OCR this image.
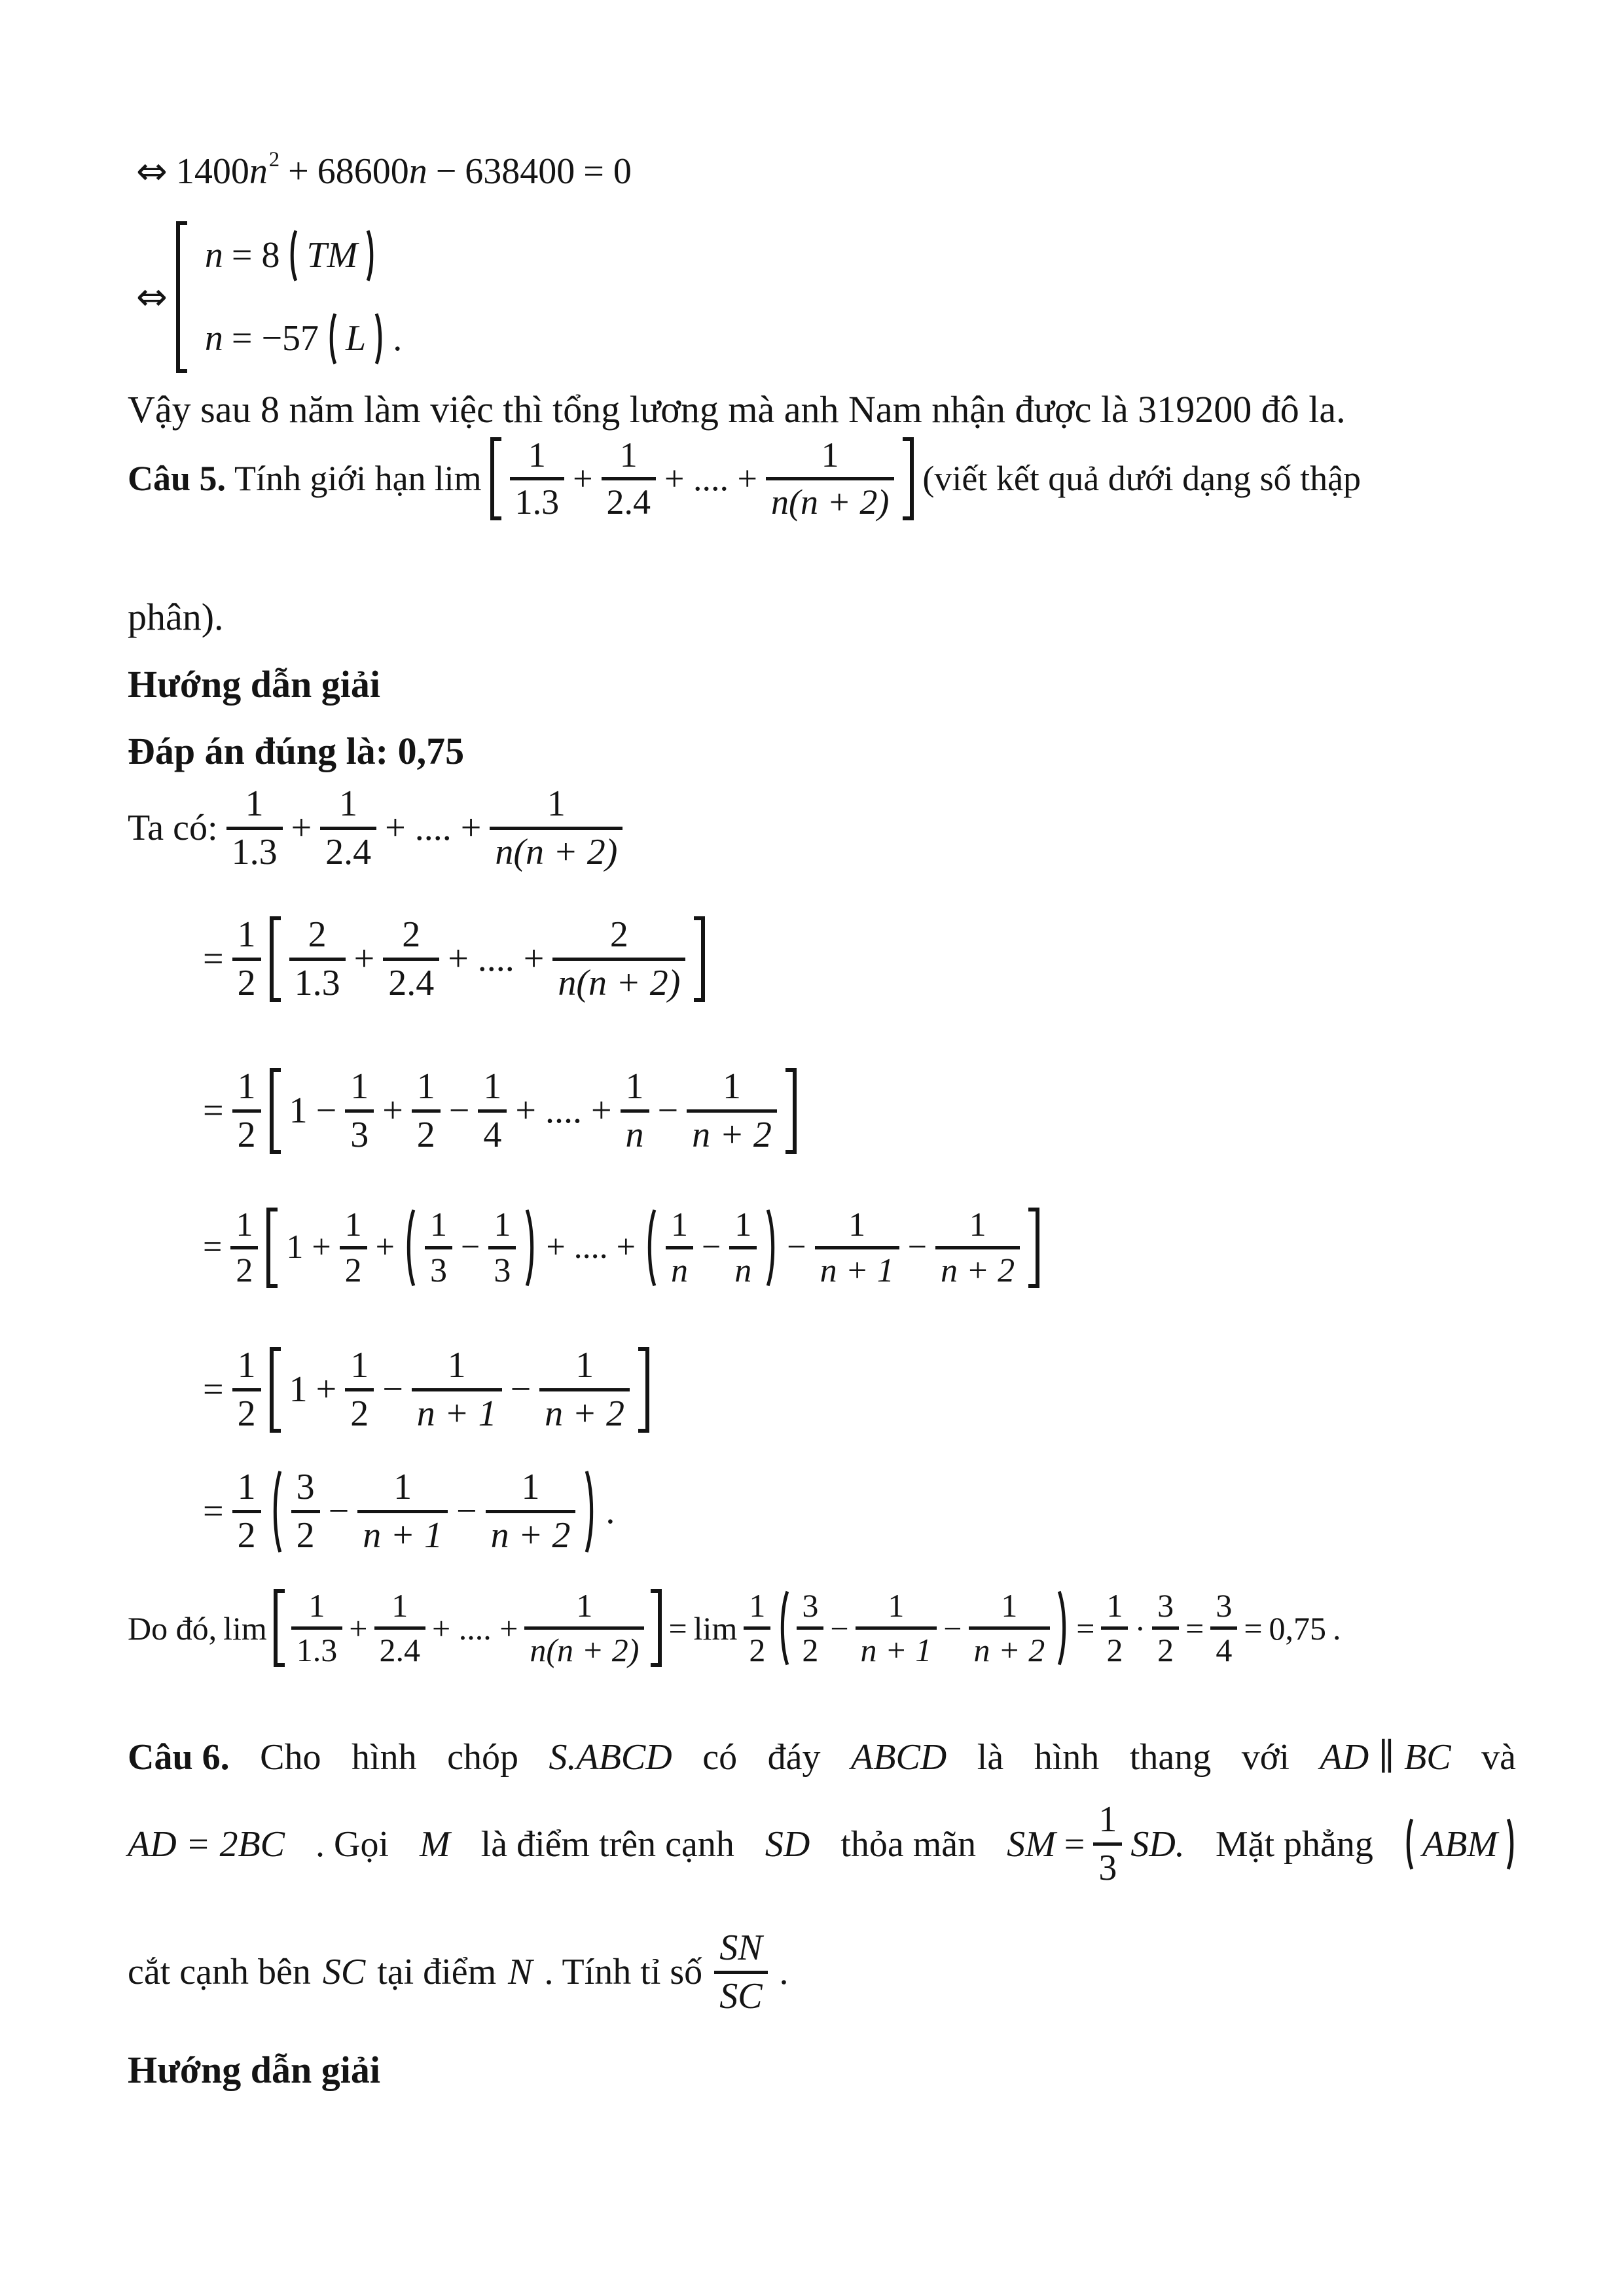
⇔ 1400 n 2 + 68600 n − 638400 = 0
⇔
n = 8 TM
n = −57 L .
Vậy sau 8 năm làm việc thì tổng lương mà anh Nam nhận được là 319200 đô la.
Câu 5. Tính giới hạn lim
1
1.3
+
1
2.4
+ .... +
1
n(n + 2)
(viết kết quả dưới dạng số thập
phân).
Hướng dẫn giải
Đáp án đúng là: 0,75
Ta có:
1
1.3
+
1
2.4
+ .... +
1
n(n + 2)
=
1
2
2
1.3
+
2
2.4
+ .... +
2
n(n + 2)
=
1
2
1 −
1
3
+
1
2
−
1
4
+ .... +
1
n
−
1
n + 2
=
1
2
1 +
1
2
+
1
3
−
1
3
+ .... +
1
n
−
1
n
−
1
n + 1
−
1
n + 2
=
1
2
1 +
1
2
−
1
n + 1
−
1
n + 2
=
1
2
3
2
−
1
n + 1
−
1
n + 2
.
Do đó, lim
1
1.3
+
1
2.4
+ .... +
1
n(n + 2)
= lim
1
2
3
2
−
1
n + 1
−
1
n + 2
=
1
2
·
3
2
=
3
4
= 0,75 .
Câu 6. Cho hình chóp S.ABCD có đáy ABCD là hình thang với AD ∥ BC và
AD = 2BC . Gọi M là điểm trên cạnh SD thỏa mãn SM =
1
3
SD. Mặt phẳng ABM
cắt cạnh bên SC tại điểm N . Tính tỉ số
SN
SC
.
Hướng dẫn giải
